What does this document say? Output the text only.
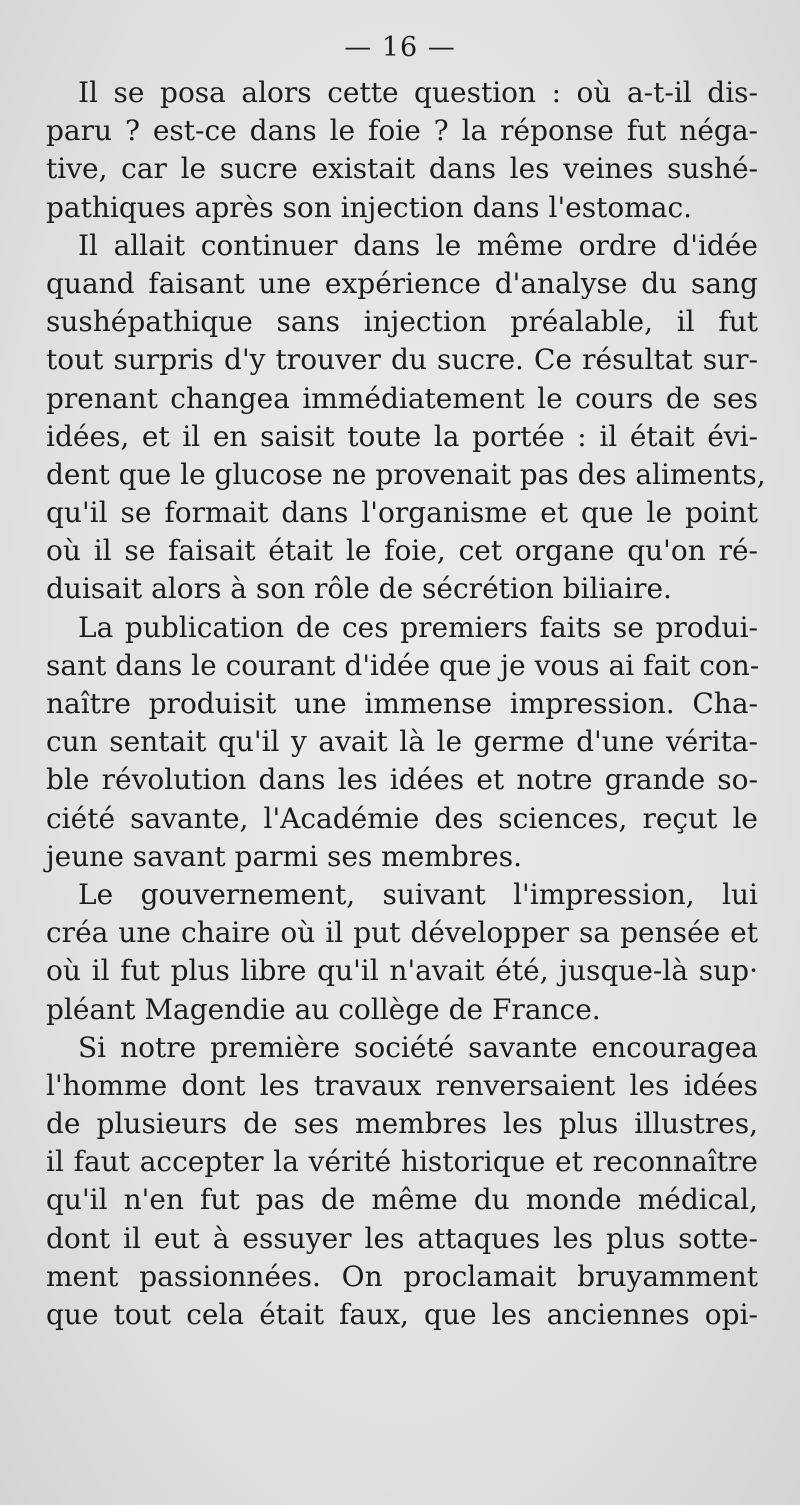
— 16 —
Il se posa alors cette question : où a-t-il dis-
paru ? est-ce dans le foie ? la réponse fut néga-
tive, car le sucre existait dans les veines sushé-
pathiques après son injection dans l'estomac.
Il allait continuer dans le même ordre d'idée
quand faisant une expérience d'analyse du sang
sushépathique sans injection préalable, il fut
tout surpris d'y trouver du sucre. Ce résultat sur-
prenant changea immédiatement le cours de ses
idées, et il en saisit toute la portée : il était évi-
dent que le glucose ne provenait pas des aliments,
qu'il se formait dans l'organisme et que le point
où il se faisait était le foie, cet organe qu'on ré-
duisait alors à son rôle de sécrétion biliaire.
La publication de ces premiers faits se produi-
sant dans le courant d'idée que je vous ai fait con-
naître produisit une immense impression. Cha-
cun sentait qu'il y avait là le germe d'une vérita-
ble révolution dans les idées et notre grande so-
ciété savante, l'Académie des sciences, reçut le
jeune savant parmi ses membres.
Le gouvernement, suivant l'impression, lui
créa une chaire où il put développer sa pensée et
où il fut plus libre qu'il n'avait été, jusque-là sup·
pléant Magendie au collège de France.
Si notre première société savante encouragea
l'homme dont les travaux renversaient les idées
de plusieurs de ses membres les plus illustres,
il faut accepter la vérité historique et reconnaître
qu'il n'en fut pas de même du monde médical,
dont il eut à essuyer les attaques les plus sotte-
ment passionnées. On proclamait bruyamment
que tout cela était faux, que les anciennes opi-
